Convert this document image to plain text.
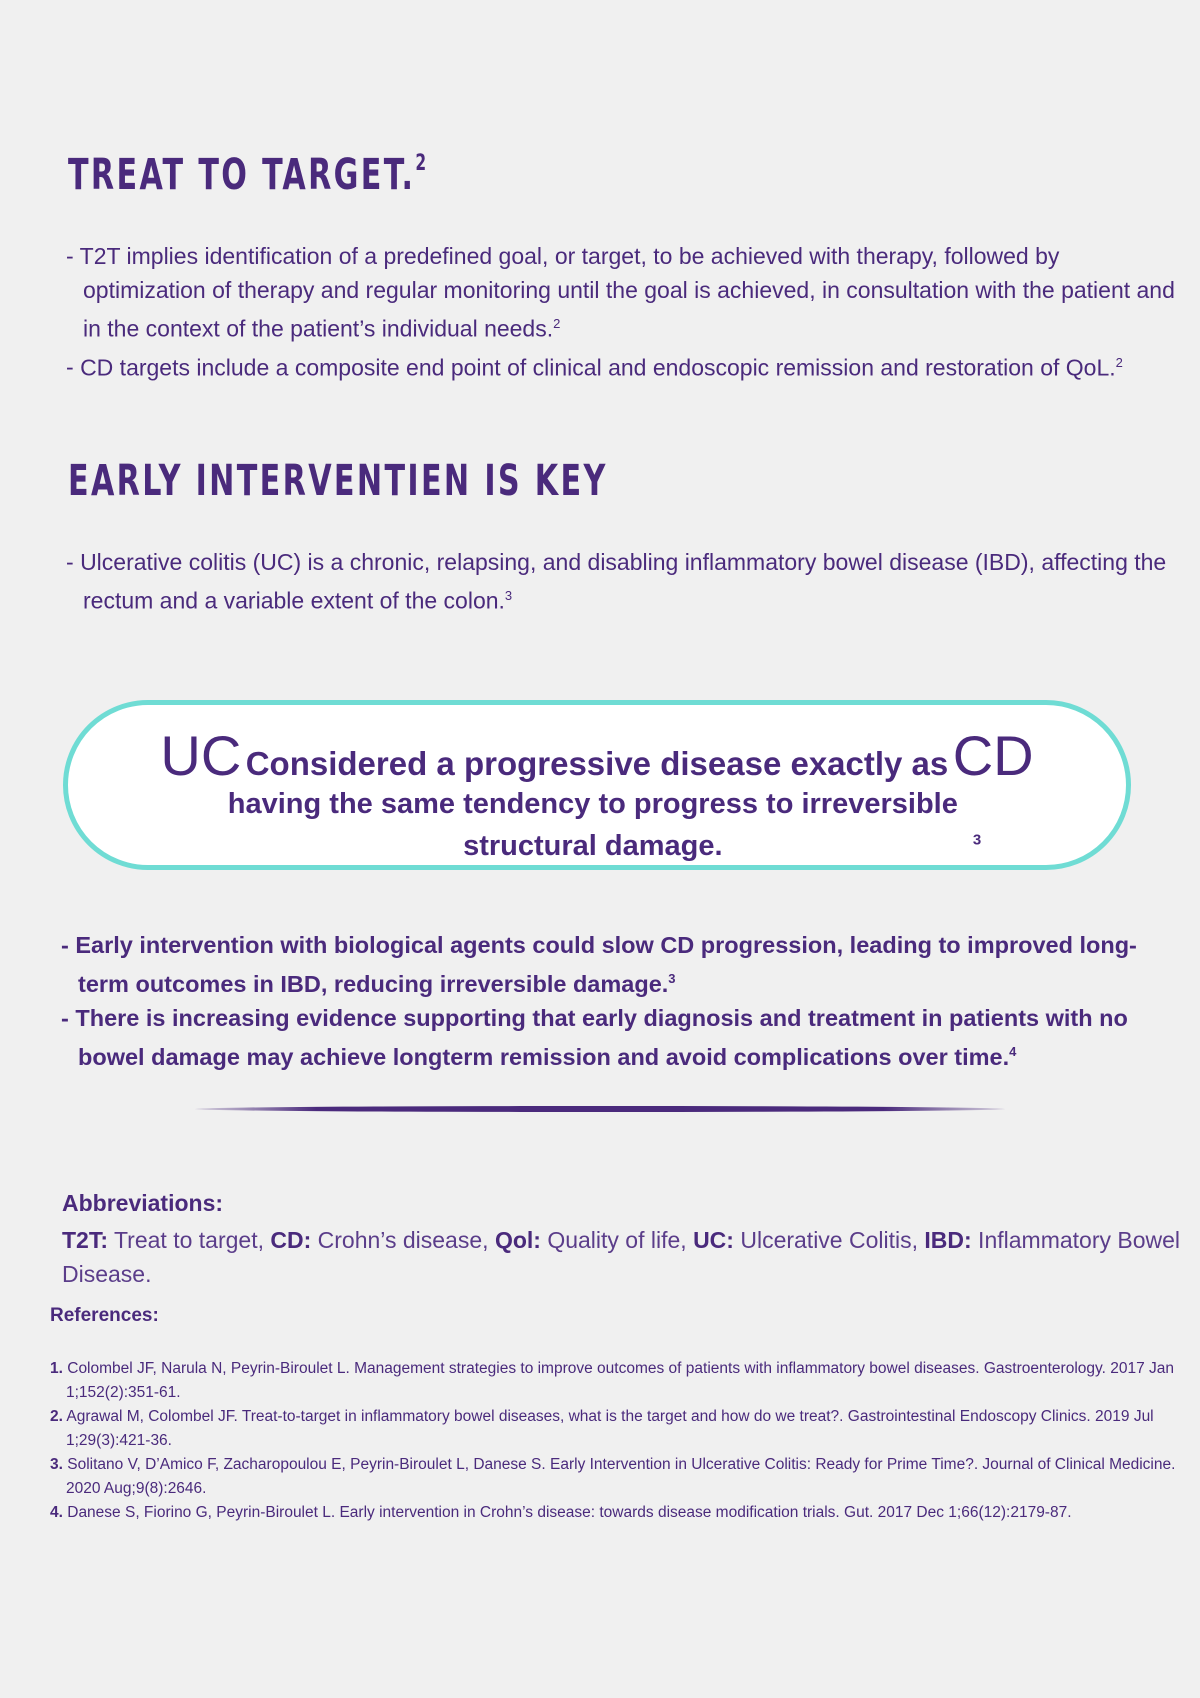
TREAT TO TARGET.$^2$
- T2T implies identification of a predefined goal, or target, to be achieved with therapy, followed by optimization of therapy and regular monitoring until the goal is achieved, in consultation with the patient and in the context of the patient’s individual needs.$^2$
- CD targets include a composite end point of clinical and endoscopic remission and restoration of QoL.$^2$
EARLY INTERVENTIEN IS KEY
- Ulcerative colitis (UC) is a chronic, relapsing, and disabling inflammatory bowel disease (IBD), affecting the rectum and a variable extent of the colon.$^3$
UC Considered a progressive disease exactly as CD
having the same tendency to progress to irreversible structural damage.	$^3$
- Early intervention with biological agents could slow CD progression, leading to improved long-term outcomes in IBD, reducing irreversible damage.$^3$
- There is increasing evidence supporting that early diagnosis and treatment in patients with no bowel damage may achieve longterm remission and avoid complications over time.$^4$

Abbreviations:

T2T: Treat to target, CD: Crohn’s disease, Qol: Quality of life, UC: Ulcerative Colitis, IBD: Inflammatory Bowel Disease.

References:

1. Colombel JF, Narula N, Peyrin-Biroulet L. Management strategies to improve outcomes of patients with inflammatory bowel diseases. Gastroenterology. 2017 Jan 1;152(2):351-61.
2. Agrawal M, Colombel JF. Treat-to-target in inflammatory bowel diseases, what is the target and how do we treat?. Gastrointestinal Endoscopy Clinics. 2019 Jul 1;29(3):421-36.
3. Solitano V, D’Amico F, Zacharopoulou E, Peyrin-Biroulet L, Danese S. Early Intervention in Ulcerative Colitis: Ready for Prime Time?. Journal of Clinical Medicine. 2020 Aug;9(8):2646.
4. Danese S, Fiorino G, Peyrin-Biroulet L. Early intervention in Crohn’s disease: towards disease modification trials. Gut. 2017 Dec 1;66(12):2179-87.
